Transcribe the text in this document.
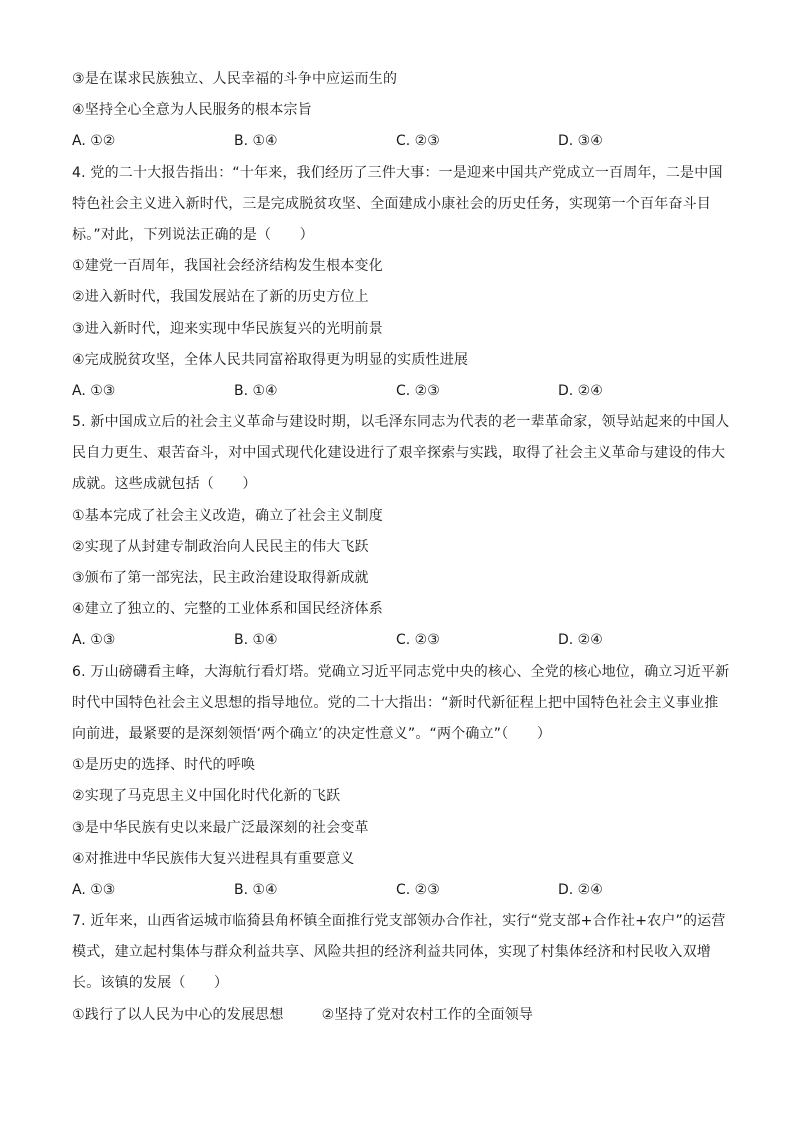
③是在谋求民族独立、人民幸福的斗争中应运而生的
④坚持全心全意为人民服务的根本宗旨
A. ①②	B. ①④	C. ②③	D. ③④
4. 党的二十大报告指出：“十年来，我们经历了三件大事：一是迎来中国共产党成立一百周年，二是中国
特色社会主义进入新时代，三是完成脱贫攻坚、全面建成小康社会的历史任务，实现第一个百年奋斗目
标。”对此，下列说法正确的是（　　）
①建党一百周年，我国社会经济结构发生根本变化
②进入新时代，我国发展站在了新的历史方位上
③进入新时代，迎来实现中华民族复兴的光明前景
④完成脱贫攻坚，全体人民共同富裕取得更为明显的实质性进展
A. ①③	B. ①④	C. ②③	D. ②④
5. 新中国成立后的社会主义革命与建设时期，以毛泽东同志为代表的老一辈革命家，领导站起来的中国人
民自力更生、艰苦奋斗，对中国式现代化建设进行了艰辛探索与实践，取得了社会主义革命与建设的伟大
成就。这些成就包括（　　）
①基本完成了社会主义改造，确立了社会主义制度
②实现了从封建专制政治向人民民主的伟大飞跃
③颁布了第一部宪法，民主政治建设取得新成就
④建立了独立的、完整的工业体系和国民经济体系
A. ①③	B. ①④	C. ②③	D. ②④
6. 万山磅礴看主峰，大海航行看灯塔。党确立习近平同志党中央的核心、全党的核心地位，确立习近平新
时代中国特色社会主义思想的指导地位。党的二十大指出：“新时代新征程上把中国特色社会主义事业推
向前进，最紧要的是深刻领悟‘两个确立’的决定性意义”。“两个确立”（　　）
①是历史的选择、时代的呼唤
②实现了马克思主义中国化时代化新的飞跃
③是中华民族有史以来最广泛最深刻的社会变革
④对推进中华民族伟大复兴进程具有重要意义
A. ①③	B. ①④	C. ②③	D. ②④
7. 近年来，山西省运城市临猗县角杯镇全面推行党支部领办合作社，实行“党支部+合作社+农户”的运营
模式，建立起村集体与群众利益共享、风险共担的经济利益共同体，实现了村集体经济和村民收入双增
长。该镇的发展（　　）
①践行了以人民为中心的发展思想	②坚持了党对农村工作的全面领导
